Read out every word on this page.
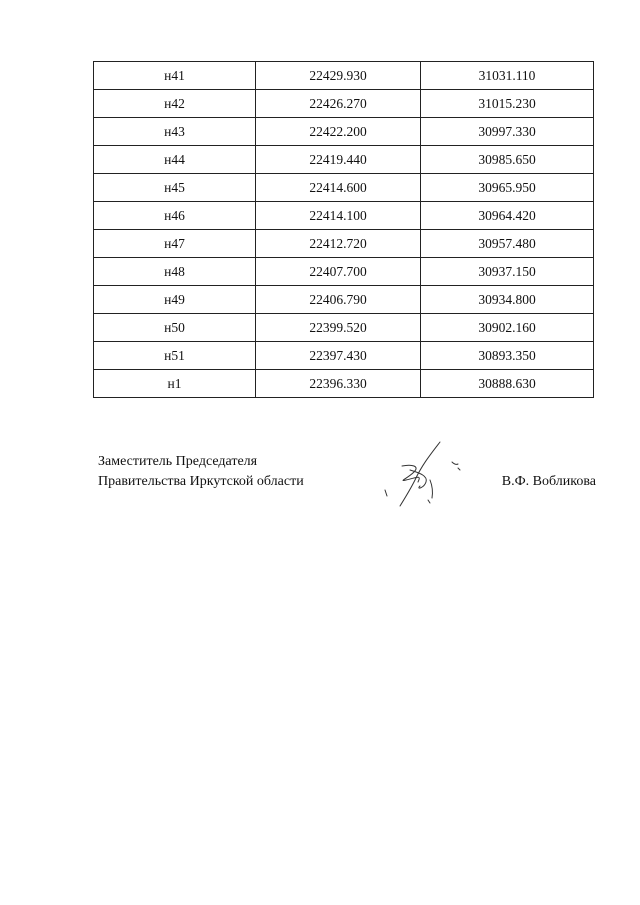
н41	22429.930	31031.110
н42	22426.270	31015.230
н43	22422.200	30997.330
н44	22419.440	30985.650
н45	22414.600	30965.950
н46	22414.100	30964.420
н47	22412.720	30957.480
н48	22407.700	30937.150
н49	22406.790	30934.800
н50	22399.520	30902.160
н51	22397.430	30893.350
н1	22396.330	30888.630
Заместитель Председателя
Правительства Иркутской области	В.Ф. Вобликова
